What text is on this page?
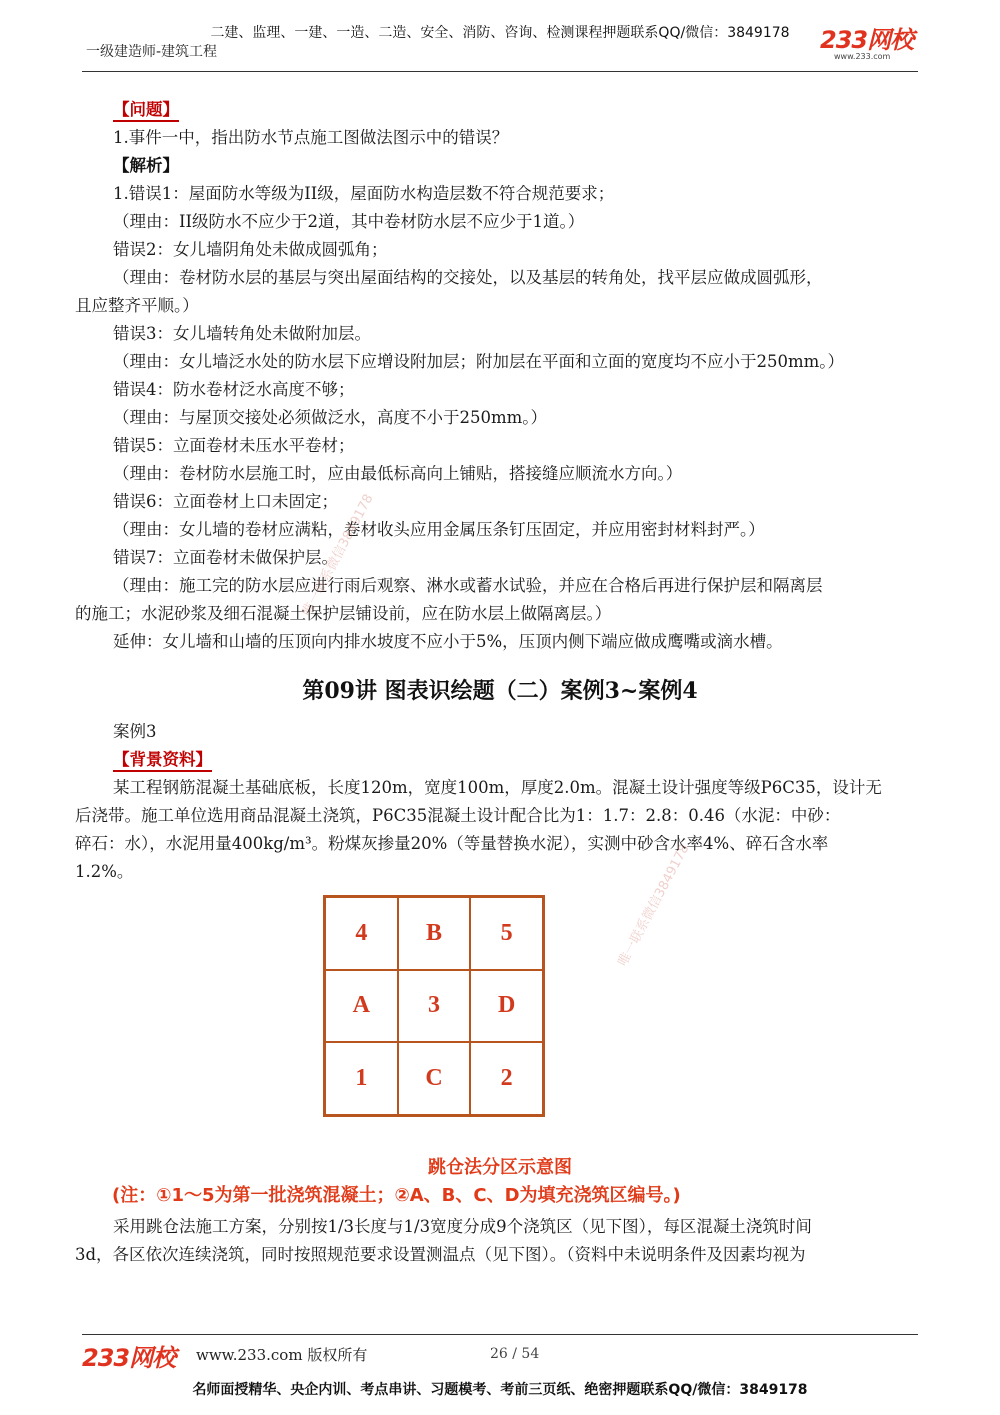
二建、监理、一建、一造、二造、安全、消防、咨询、检测课程押题联系QQ/微信：3849178
一级建造师-建筑工程	233网校
www.233.com
【问题】
1.事件一中，指出防水节点施工图做法图示中的错误？
【解析】
1.错误1：屋面防水等级为ⅠⅠ级，屋面防水构造层数不符合规范要求；
（理由：ⅠⅠ级防水不应少于2道，其中卷材防水层不应少于1道。）
错误2：女儿墙阴角处未做成圆弧角；
（理由：卷材防水层的基层与突出屋面结构的交接处，以及基层的转角处，找平层应做成圆弧形，
且应整齐平顺。）
错误3：女儿墙转角处未做附加层。
（理由：女儿墙泛水处的防水层下应增设附加层；附加层在平面和立面的宽度均不应小于250mm。）
错误4：防水卷材泛水高度不够；
（理由：与屋顶交接处必须做泛水，高度不小于250mm。）
错误5：立面卷材未压水平卷材；
（理由：卷材防水层施工时，应由最低标高向上铺贴，搭接缝应顺流水方向。）
错误6：立面卷材上口未固定；
（理由：女儿墙的卷材应满粘，卷材收头应用金属压条钉压固定，并应用密封材料封严。）
错误7：立面卷材未做保护层。
（理由：施工完的防水层应进行雨后观察、淋水或蓄水试验，并应在合格后再进行保护层和隔离层
的施工；水泥砂浆及细石混凝土保护层铺设前，应在防水层上做隔离层。）
延伸：女儿墙和山墙的压顶向内排水坡度不应小于5%，压顶内侧下端应做成鹰嘴或滴水槽。
第09讲 图表识绘题（二）案例3~案例4
案例3
【背景资料】
某工程钢筋混凝土基础底板，长度120m，宽度100m，厚度2.0m。混凝土设计强度等级P6C35，设计无
后浇带。施工单位选用商品混凝土浇筑，P6C35混凝土设计配合比为1：1.7：2.8：0.46（水泥：中砂：
碎石：水），水泥用量400kg/m³。粉煤灰掺量20%（等量替换水泥），实测中砂含水率4%、碎石含水率
1.2%。
4	B	5
A	3	D
1	C	2
跳仓法分区示意图
(注：①1～5为第一批浇筑混凝土；②A、B、C、D为填充浇筑区编号。)
采用跳仓法施工方案，分别按1/3长度与1/3宽度分成9个浇筑区（见下图），每区混凝土浇筑时间
3d，各区依次连续浇筑，同时按照规范要求设置测温点（见下图）。（资料中未说明条件及因素均视为
唯一联系微信3849178
唯一联系微信3849178
233网校 www.233.com 版权所有	26 / 54
名师面授精华、央企内训、考点串讲、习题模考、考前三页纸、绝密押题联系QQ/微信：3849178
